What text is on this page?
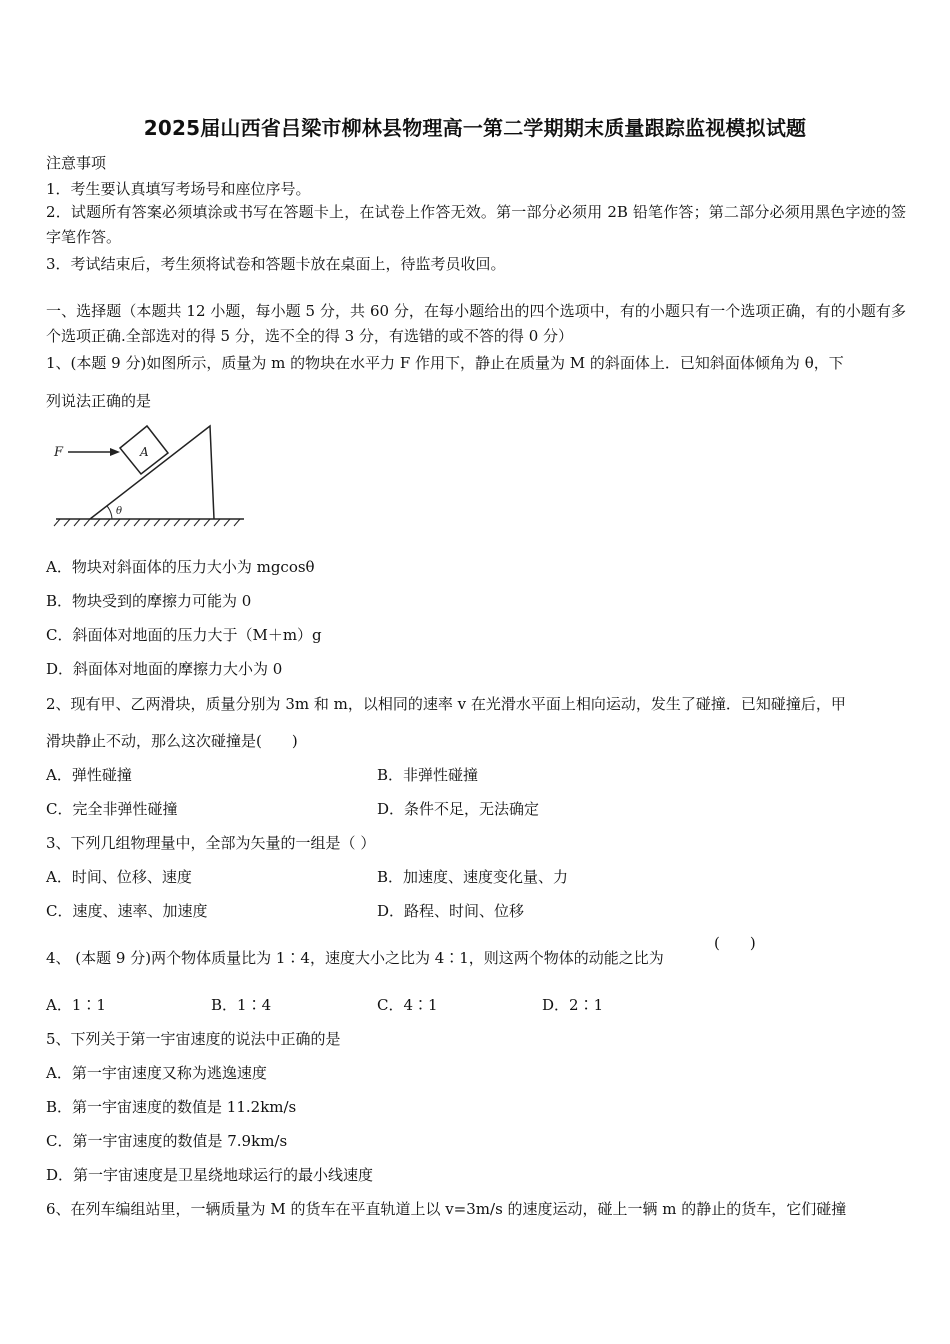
2025届山西省吕梁市柳林县物理高一第二学期期末质量跟踪监视模拟试题
注意事项
1．考生要认真填写考场号和座位序号。
2．试题所有答案必须填涂或书写在答题卡上，在试卷上作答无效。第一部分必须用 2B 铅笔作答；第二部分必须用黑色字迹的签字笔作答。
3．考试结束后，考生须将试卷和答题卡放在桌面上，待监考员收回。
一、选择题（本题共 12 小题，每小题 5 分，共 60 分，在每小题给出的四个选项中，有的小题只有一个选项正确，有的小题有多个选项正确.全部选对的得 5 分，选不全的得 3 分，有选错的或不答的得 0 分）
1、(本题 9 分)如图所示，质量为 m 的物块在水平力 F 作用下，静止在质量为 M 的斜面体上．已知斜面体倾角为 θ，下
列说法正确的是
F	A
θ
A．物块对斜面体的压力大小为 mgcosθ
B．物块受到的摩擦力可能为 0
C．斜面体对地面的压力大于（M＋m）g
D．斜面体对地面的摩擦力大小为 0
2、现有甲、乙两滑块，质量分别为 3m 和 m，以相同的速率 v 在光滑水平面上相向运动，发生了碰撞．已知碰撞后，甲
滑块静止不动，那么这次碰撞是(　　)
A．弹性碰撞	B．非弹性碰撞
C．完全非弹性碰撞	D．条件不足，无法确定
3、下列几组物理量中，全部为矢量的一组是（ ）
A．时间、位移、速度	B．加速度、速度变化量、力
C．速度、速率、加速度	D．路程、时间、位移
4、 (本题 9 分)两个物体质量比为 1∶4，速度大小之比为 4∶1，则这两个物体的动能之比为
(　　)
A．1∶1	B．1∶4	C．4∶1	D．2∶1
5、下列关于第一宇宙速度的说法中正确的是
A．第一宇宙速度又称为逃逸速度
B．第一宇宙速度的数值是 11.2km/s
C．第一宇宙速度的数值是 7.9km/s
D．第一宇宙速度是卫星绕地球运行的最小线速度
6、在列车编组站里，一辆质量为 M 的货车在平直轨道上以 v=3m/s 的速度运动，碰上一辆 m 的静止的货车，它们碰撞
